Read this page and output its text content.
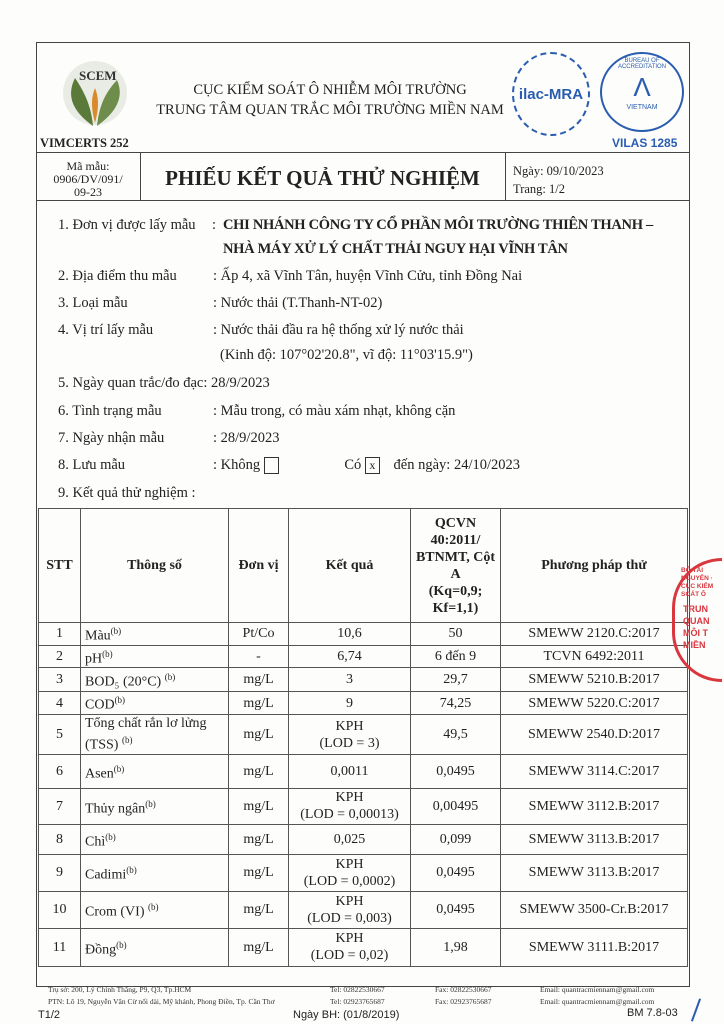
SCEM
CỤC KIỂM SOÁT Ô NHIỄM MÔI TRƯỜNG
TRUNG TÂM QUAN TRẮC MÔI TRƯỜNG MIỀN NAM
VIMCERTS 252
ilac-MRA
BUREAU OF ACCREDITATION
Λ
VIETNAM
VILAS 1285
Mã mẫu:
0906/DV/091/
09-23
PHIẾU KẾT QUẢ THỬ NGHIỆM	Ngày: 09/10/2023
Trang: 1/2
1. Đơn vị được lấy mẫu : CHI NHÁNH CÔNG TY CỔ PHẦN MÔI TRƯỜNG THIÊN THANH –
NHÀ MÁY XỬ LÝ CHẤT THẢI NGUY HẠI VĨNH TÂN
2. Địa điểm thu mẫu : Ấp 4, xã Vĩnh Tân, huyện Vĩnh Cửu, tỉnh Đồng Nai
3. Loại mẫu	: Nước thải (T.Thanh-NT-02)
4. Vị trí lấy mẫu	: Nước thải đầu ra hệ thống xử lý nước thải
(Kinh độ: 107°02'20.8", vĩ độ: 11°03'15.9")
5. Ngày quan trắc/đo đạc: 28/9/2023
6. Tình trạng mẫu	: Mẫu trong, có màu xám nhạt, không cặn
7. Ngày nhận mẫu	: 28/9/2023
8. Lưu mẫu	: Không	Có x đến ngày: 24/10/2023
9. Kết quả thử nghiệm :
STT	Thông số	Đơn vị	Kết quả	QCVN 40:2011/ BTNMT, Cột A
(Kq=0,9;
Kf=1,1)	Phương pháp thử
1	Màu$^{(b)}$	Pt/Co	10,6	50	SMEWW 2120.C:2017
2	$pH^{(b)}$	-	6,74	6 đến 9	TCVN 6492:2011
3	BOD₅ (20°C) $^{(b)}$	mg/L	3	29,7	SMEWW 5210.B:2017
4	COD$^{(b)}$	mg/L	9	74,25	SMEWW 5220.C:2017
5	Tổng chất rắn lơ lửng (TSS) $^{(b)}$	mg/L	KPH
(LOD = 3)	49,5	SMEWW 2540.D:2017
6	Asen$^{(b)}$	mg/L	0,0011	0,0495	SMEWW 3114.C:2017
7	Thủy ngân$^{(b)}$	mg/L	KPH
(LOD = 0,00013)	0,00495	SMEWW 3112.B:2017
8	Chì$^{(b)}$	mg/L	0,025	0,099	SMEWW 3113.B:2017
9	Cadimi$^{(b)}$	mg/L	KPH
(LOD = 0,0002)	0,0495	SMEWW 3113.B:2017
10	Crom (VI) $^{(b)}$	mg/L	KPH
(LOD = 0,003)	0,0495	SMEWW 3500-Cr.B:2017
11	Đồng$^{(b)}$	mg/L	KPH
(LOD = 0,02)	1,98	SMEWW 3111.B:2017
BỘ TÀI NGUYÊN · CỤC KIỂM SOÁT Ô
TRUN
QUAN
MÔI T
MIỀN
Trụ sở: 200, Lý Chính Thắng, P9, Q3, Tp.HCM	Tel: 02822530667	Fax: 02822530667	Email: quantracmiennam@gmail.com
PTN: Lô 19, Nguyễn Văn Cừ nối dài, Mỹ khánh, Phong Điền, Tp. Cần Thơ	Tel: 02923765687	Fax: 02923765687	Email: quantracmiennam@gmail.com
T1/2	Ngày BH: (01/8/2019)	BM 7.8-03
